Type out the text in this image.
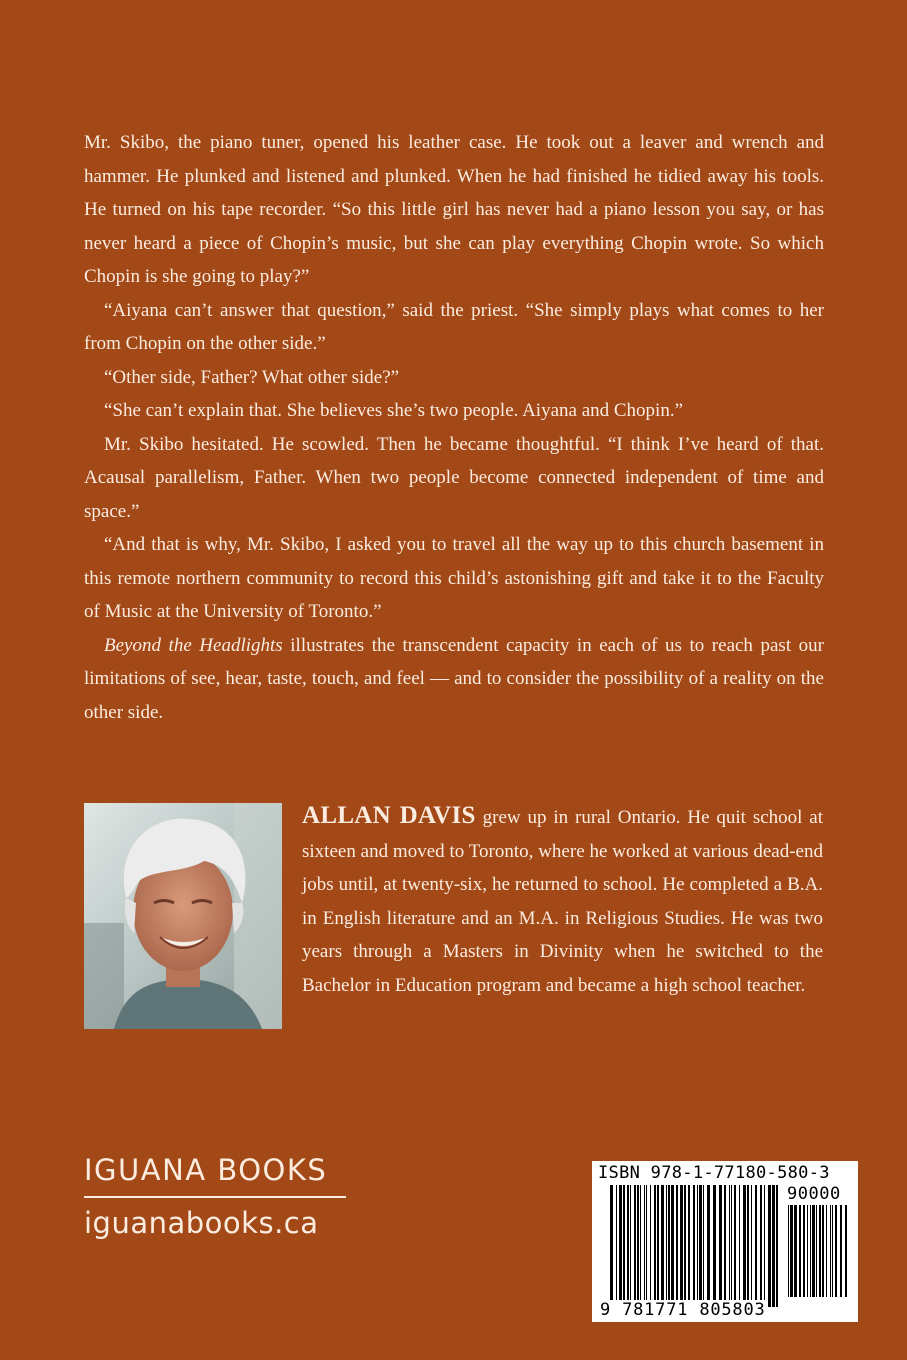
Mr. Skibo, the piano tuner, opened his leather case. He took out a leaver and wrench and hammer. He plunked and listened and plunked. When he had finished he tidied away his tools. He turned on his tape recorder. “So this little girl has never had a piano lesson you say, or has never heard a piece of Chopin’s music, but she can play everything Chopin wrote. So which Chopin is she going to play?”

“Aiyana can’t answer that question,” said the priest. “She simply plays what comes to her from Chopin on the other side.”

“Other side, Father? What other side?”

“She can’t explain that. She believes she’s two people. Aiyana and Chopin.”

Mr. Skibo hesitated. He scowled. Then he became thoughtful. “I think I’ve heard of that. Acausal parallelism, Father. When two people become connected independent of time and space.”

“And that is why, Mr. Skibo, I asked you to travel all the way up to this church basement in this remote northern community to record this child’s astonishing gift and take it to the Faculty of Music at the University of Toronto.”

Beyond the Headlights illustrates the transcendent capacity in each of us to reach past our limitations of see, hear, taste, touch, and feel — and to consider the possibility of a reality on the other side.

ALLAN DAVIS grew up in rural Ontario. He quit school at sixteen and moved to Toronto, where he worked at various dead-end jobs until, at twenty-six, he returned to school. He completed a B.A. in English literature and an M.A. in Religious Studies. He was two years through a Masters in Divinity when he switched to the Bachelor in Education program and became a high school teacher.
IGUANA BOOKS
iguanabooks.ca
ISBN 978-1-77180-580-3
90000
9 781771 805803
